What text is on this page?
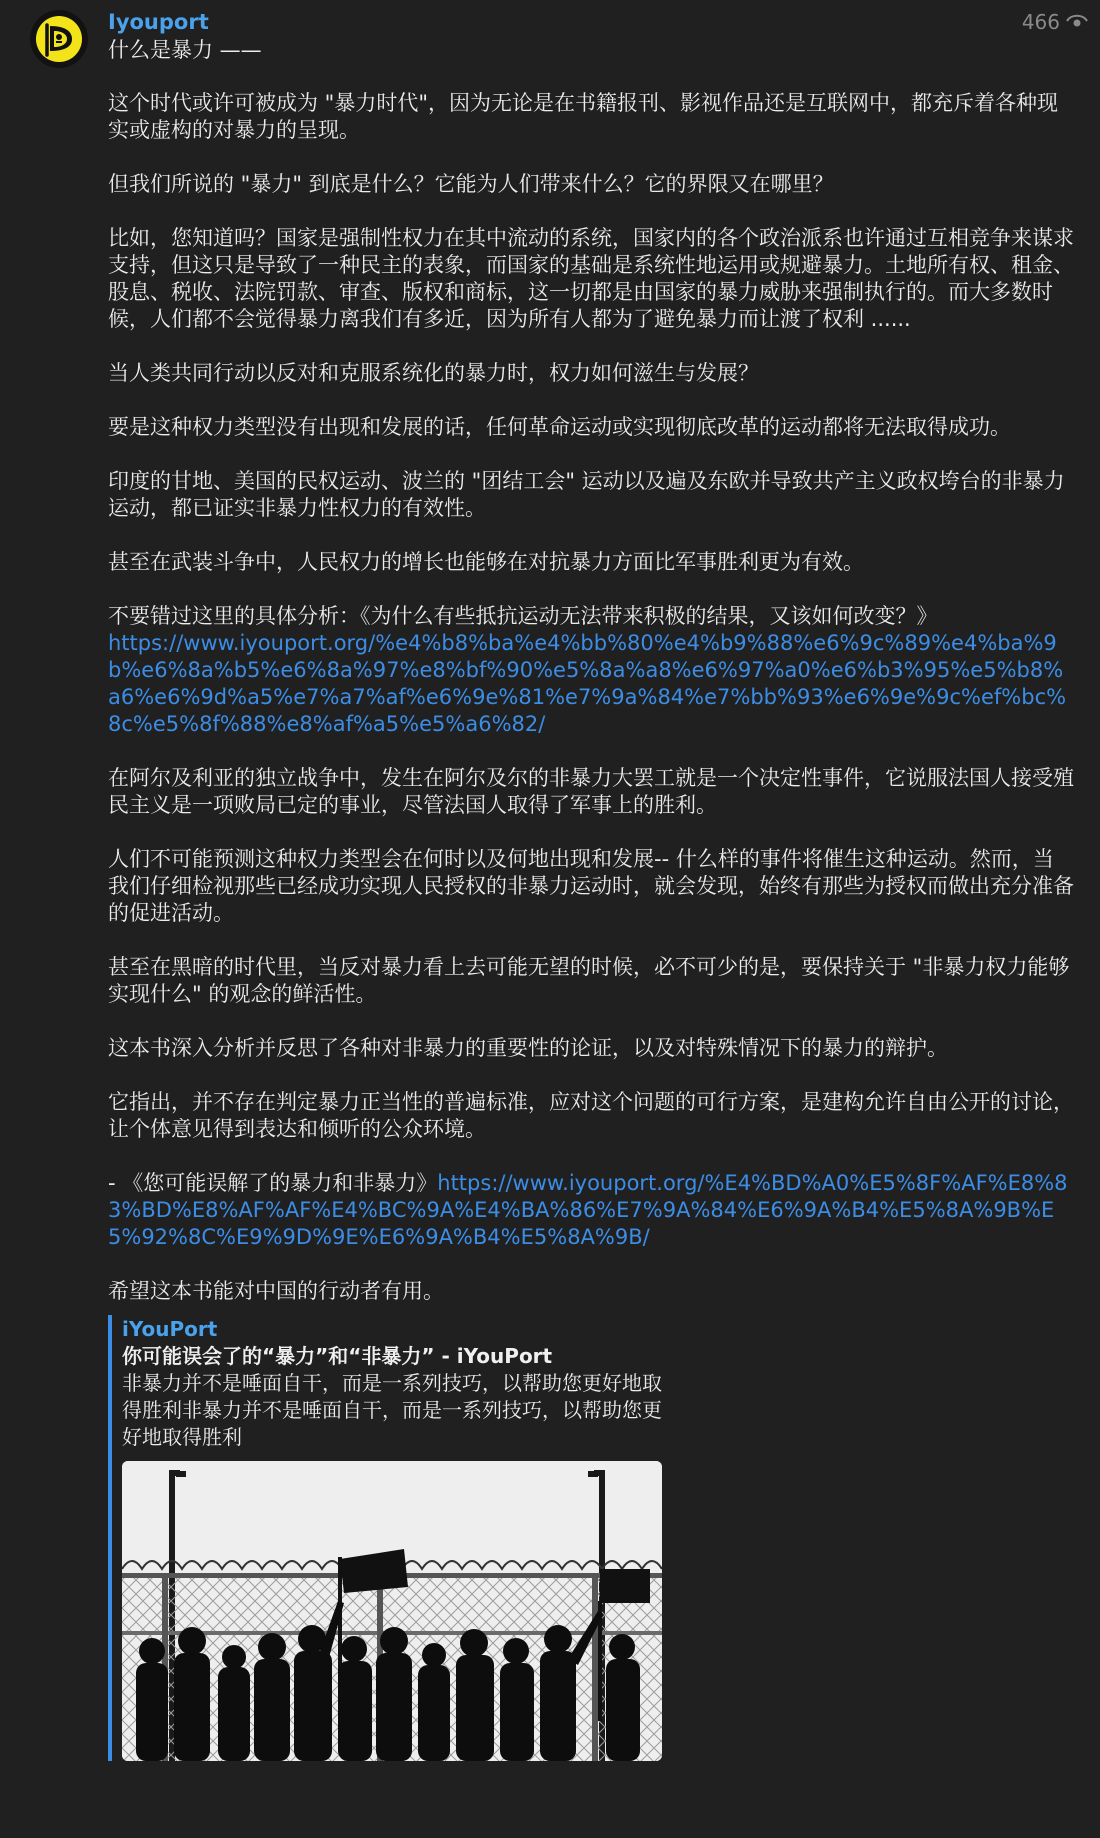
466
Iyouport
什么是暴力 ——

这个时代或许可被成为 "暴力时代"，因为无论是在书籍报刊、影视作品还是互联网中，都充斥着各种现实或虚构的对暴力的呈现。

但我们所说的 "暴力" 到底是什么？它能为人们带来什么？它的界限又在哪里？

比如，您知道吗？国家是强制性权力在其中流动的系统，国家内的各个政治派系也许通过互相竞争来谋求支持，但这只是导致了一种民主的表象，而国家的基础是系统性地运用或规避暴力。土地所有权、租金、股息、税收、法院罚款、审查、版权和商标，这一切都是由国家的暴力威胁来强制执行的。而大多数时候，人们都不会觉得暴力离我们有多近，因为所有人都为了避免暴力而让渡了权利 ......

当人类共同行动以反对和克服系统化的暴力时，权力如何滋生与发展？

要是这种权力类型没有出现和发展的话，任何革命运动或实现彻底改革的运动都将无法取得成功。

印度的甘地、美国的民权运动、波兰的 "团结工会" 运动以及遍及东欧并导致共产主义政权垮台的非暴力运动，都已证实非暴力性权力的有效性。

甚至在武装斗争中，人民权力的增长也能够在对抗暴力方面比军事胜利更为有效。

不要错过这里的具体分析：《为什么有些抵抗运动无法带来积极的结果，又该如何改变？》

https://www.iyouport.org/%e4%b8%ba%e4%bb%80%e4%b9%88%e6%9c%89%e4%ba%9b%e6%8a%b5%e6%8a%97%e8%bf%90%e5%8a%a8%e6%97%a0%e6%b3%95%e5%b8%a6%e6%9d%a5%e7%a7%af%e6%9e%81%e7%9a%84%e7%bb%93%e6%9e%9c%ef%bc%8c%e5%8f%88%e8%af%a5%e5%a6%82/

在阿尔及利亚的独立战争中，发生在阿尔及尔的非暴力大罢工就是一个决定性事件，它说服法国人接受殖民主义是一项败局已定的事业，尽管法国人取得了军事上的胜利。

人们不可能预测这种权力类型会在何时以及何地出现和发展-- 什么样的事件将催生这种运动。然而，当我们仔细检视那些已经成功实现人民授权的非暴力运动时，就会发现，始终有那些为授权而做出充分准备的促进活动。

甚至在黑暗的时代里，当反对暴力看上去可能无望的时候，必不可少的是，要保持关于 "非暴力权力能够实现什么" 的观念的鲜活性。

这本书深入分析并反思了各种对非暴力的重要性的论证，以及对特殊情况下的暴力的辩护。

它指出，并不存在判定暴力正当性的普遍标准，应对这个问题的可行方案，是建构允许自由公开的讨论，让个体意见得到表达和倾听的公众环境。

- 《您可能误解了的暴力和非暴力》https://www.iyouport.org/%E4%BD%A0%E5%8F%AF%E8%83%BD%E8%AF%AF%E4%BC%9A%E4%BA%86%E7%9A%84%E6%9A%B4%E5%8A%9B%E5%92%8C%E9%9D%9E%E6%9A%B4%E5%8A%9B/

希望这本书能对中国的行动者有用。

iYouPort
你可能误会了的“暴力”和“非暴力” - iYouPort
非暴力并不是唾面自干，而是一系列技巧，以帮助您更好地取得胜利非暴力并不是唾面自干，而是一系列技巧，以帮助您更好地取得胜利
